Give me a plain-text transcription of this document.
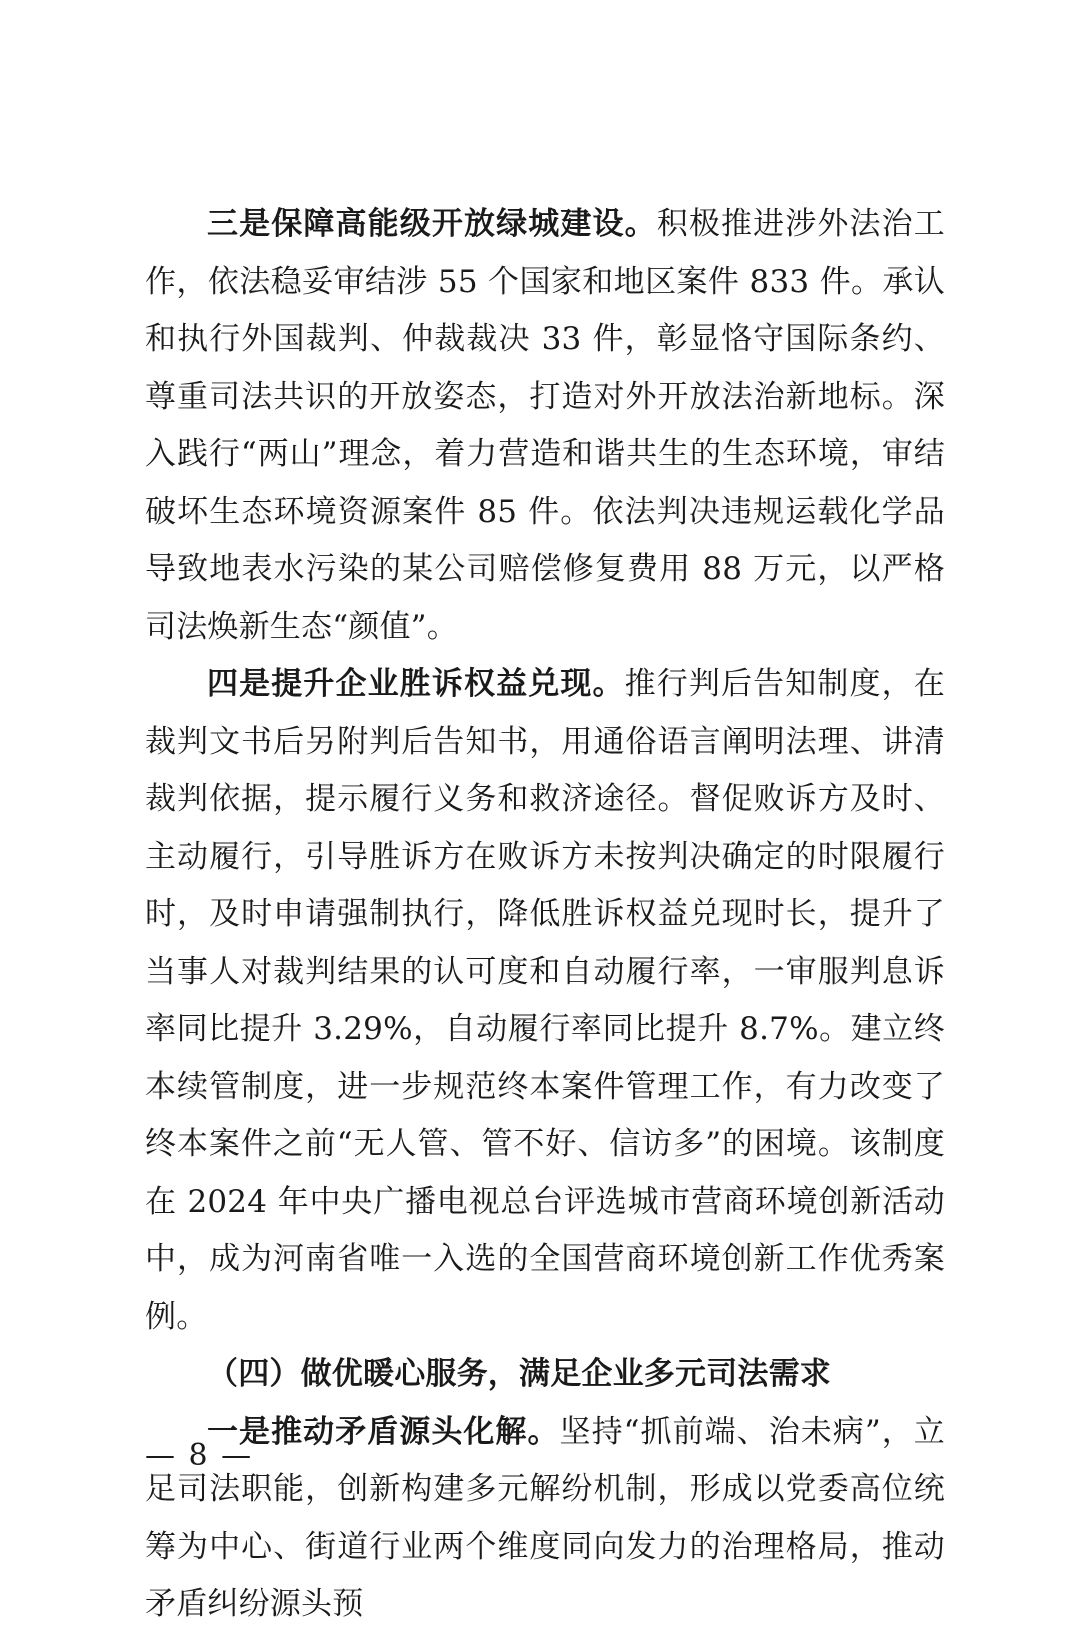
三是保障高能级开放绿城建设。积极推进涉外法治工作，依法稳妥审结涉 55 个国家和地区案件 833 件。承认和执行外国裁判、仲裁裁决 33 件，彰显恪守国际条约、尊重司法共识的开放姿态，打造对外开放法治新地标。深入践行“两山”理念，着力营造和谐共生的生态环境，审结破坏生态环境资源案件 85 件。依法判决违规运载化学品导致地表水污染的某公司赔偿修复费用 88 万元，以严格司法焕新生态“颜值”。

四是提升企业胜诉权益兑现。推行判后告知制度，在裁判文书后另附判后告知书，用通俗语言阐明法理、讲清裁判依据，提示履行义务和救济途径。督促败诉方及时、主动履行，引导胜诉方在败诉方未按判决确定的时限履行时，及时申请强制执行，降低胜诉权益兑现时长，提升了当事人对裁判结果的认可度和自动履行率，一审服判息诉率同比提升 3.29%，自动履行率同比提升 8.7%。建立终本续管制度，进一步规范终本案件管理工作，有力改变了终本案件之前“无人管、管不好、信访多”的困境。该制度在 2024 年中央广播电视总台评选城市营商环境创新活动中，成为河南省唯一入选的全国营商环境创新工作优秀案例。

（四）做优暖心服务，满足企业多元司法需求

一是推动矛盾源头化解。坚持“抓前端、治未病”，立足司法职能，创新构建多元解纷机制，形成以党委高位统筹为中心、街道行业两个维度同向发力的治理格局，推动矛盾纠纷源头预

— 8 —
